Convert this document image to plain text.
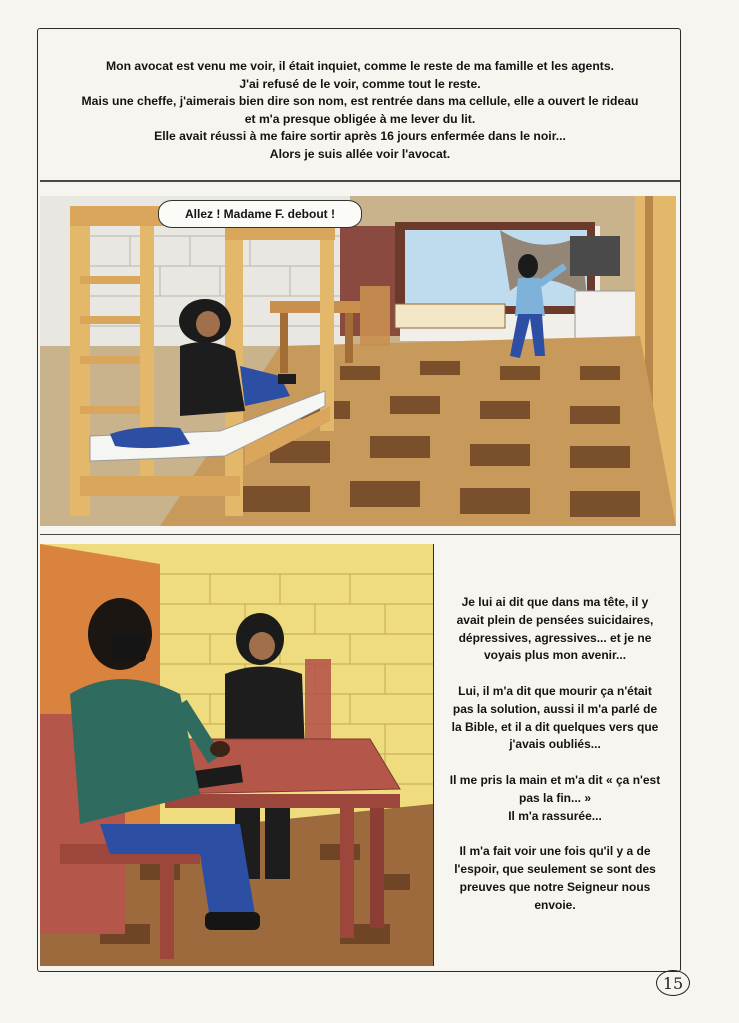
Mon avocat est venu me voir, il était inquiet, comme le reste de ma famille et les agents.
J'ai refusé de le voir, comme tout le reste.
Mais une cheffe, j'aimerais bien dire son nom, est rentrée dans ma cellule, elle a ouvert le rideau
et m'a presque obligée à me lever du lit.
Elle avait réussi à me faire sortir après 16 jours enfermée dans le noir...
Alors je suis allée voir l'avocat.
Allez ! Madame F. debout !
Je lui ai dit que dans ma tête, il y avait plein de pensées suicidaires, dépressives, agressives... et je ne voyais plus mon avenir...

Lui, il m'a dit que mourir ça n'était pas la solution, aussi il m'a parlé de la Bible, et il a dit quelques vers que j'avais oubliés...

Il me pris la main et m'a dit « ça n'est pas la fin... »
Il m'a rassurée...

Il m'a fait voir une fois qu'il y a de l'espoir, que seulement se sont des preuves que notre Seigneur nous envoie.
15
